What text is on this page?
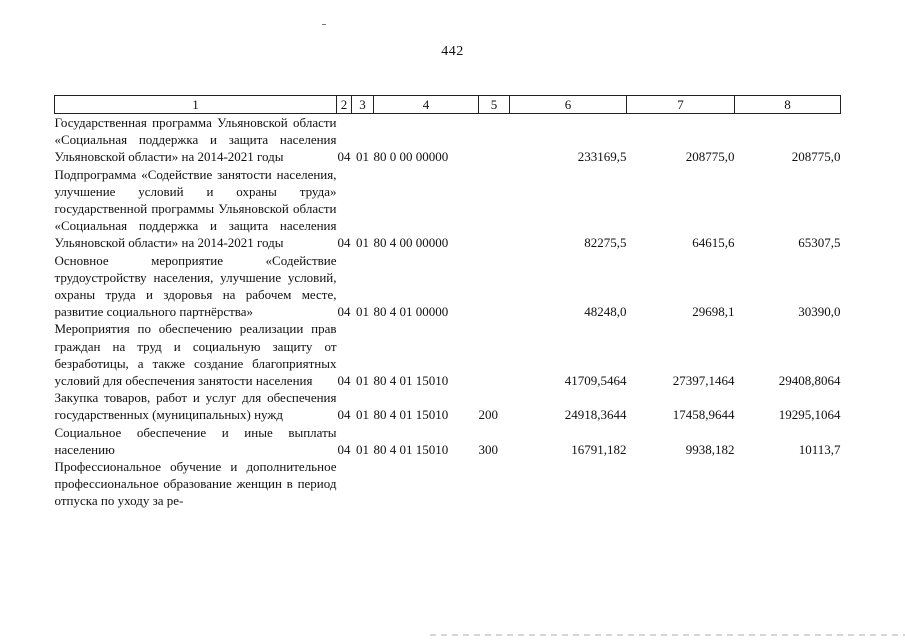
442
1	2	3	4	5	6	7	8
Государственная программа Ульяновской области «Социальная поддержка и защита населения Ульяновской области» на 2014-2021 годы	04	01	80 0 00 00000		233169,5	208775,0	208775,0
Подпрограмма «Содействие занятости населения, улучшение условий и охраны труда» государственной программы Ульяновской области «Социальная поддержка и защита населения Ульяновской области» на 2014-2021 годы	04	01	80 4 00 00000		82275,5	64615,6	65307,5
Основное мероприятие «Содействие трудоустройству населения, улучшение условий, охраны труда и здоровья на рабочем месте, развитие социального партнёрства»	04	01	80 4 01 00000		48248,0	29698,1	30390,0
Мероприятия по обеспечению реализации прав граждан на труд и социальную защиту от безработицы, а также создание благоприятных условий для обеспечения занятости населения	04	01	80 4 01 15010		41709,5464	27397,1464	29408,8064
Закупка товаров, работ и услуг для обеспечения государственных (муниципальных) нужд	04	01	80 4 01 15010	200	24918,3644	17458,9644	19295,1064
Социальное обеспечение и иные выплаты населению	04	01	80 4 01 15010	300	16791,182	9938,182	10113,7
Профессиональное обучение и дополнительное профессиональное образование женщин в период отпуска по уходу за ре-							
